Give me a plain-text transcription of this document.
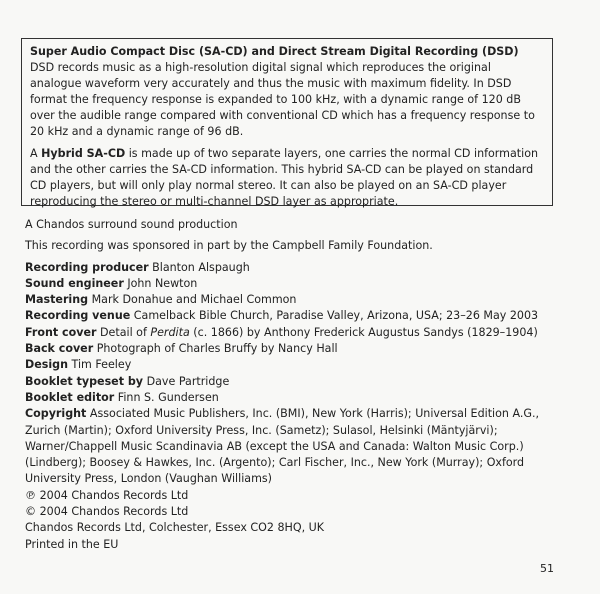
Super Audio Compact Disc (SA-CD) and Direct Stream Digital Recording (DSD)

DSD records music as a high-resolution digital signal which reproduces the original analogue waveform very accurately and thus the music with maximum fidelity. In DSD format the frequency response is expanded to 100 kHz, with a dynamic range of 120 dB over the audible range compared with conventional CD which has a frequency response to 20 kHz and a dynamic range of 96 dB.

A Hybrid SA-CD is made up of two separate layers, one carries the normal CD information and the other carries the SA-CD information. This hybrid SA-CD can be played on standard CD players, but will only play normal stereo. It can also be played on an SA-CD player reproducing the stereo or multi-channel DSD layer as appropriate.

A Chandos surround sound production

This recording was sponsored in part by the Campbell Family Foundation.

Recording producer Blanton Alspaugh

Sound engineer John Newton

Mastering Mark Donahue and Michael Common

Recording venue Camelback Bible Church, Paradise Valley, Arizona, USA; 23–26 May 2003

Front cover Detail of Perdita (c. 1866) by Anthony Frederick Augustus Sandys (1829–1904)

Back cover Photograph of Charles Bruffy by Nancy Hall

Design Tim Feeley

Booklet typeset by Dave Partridge

Booklet editor Finn S. Gundersen

Copyright Associated Music Publishers, Inc. (BMI), New York (Harris); Universal Edition A.G., Zurich (Martin); Oxford University Press, Inc. (Sametz); Sulasol, Helsinki (Mäntyjärvi); Warner/Chappell Music Scandinavia AB (except the USA and Canada: Walton Music Corp.) (Lindberg); Boosey & Hawkes, Inc. (Argento); Carl Fischer, Inc., New York (Murray); Oxford University Press, London (Vaughan Williams)

℗ 2004 Chandos Records Ltd

© 2004 Chandos Records Ltd

Chandos Records Ltd, Colchester, Essex CO2 8HQ, UK

Printed in the EU

51
